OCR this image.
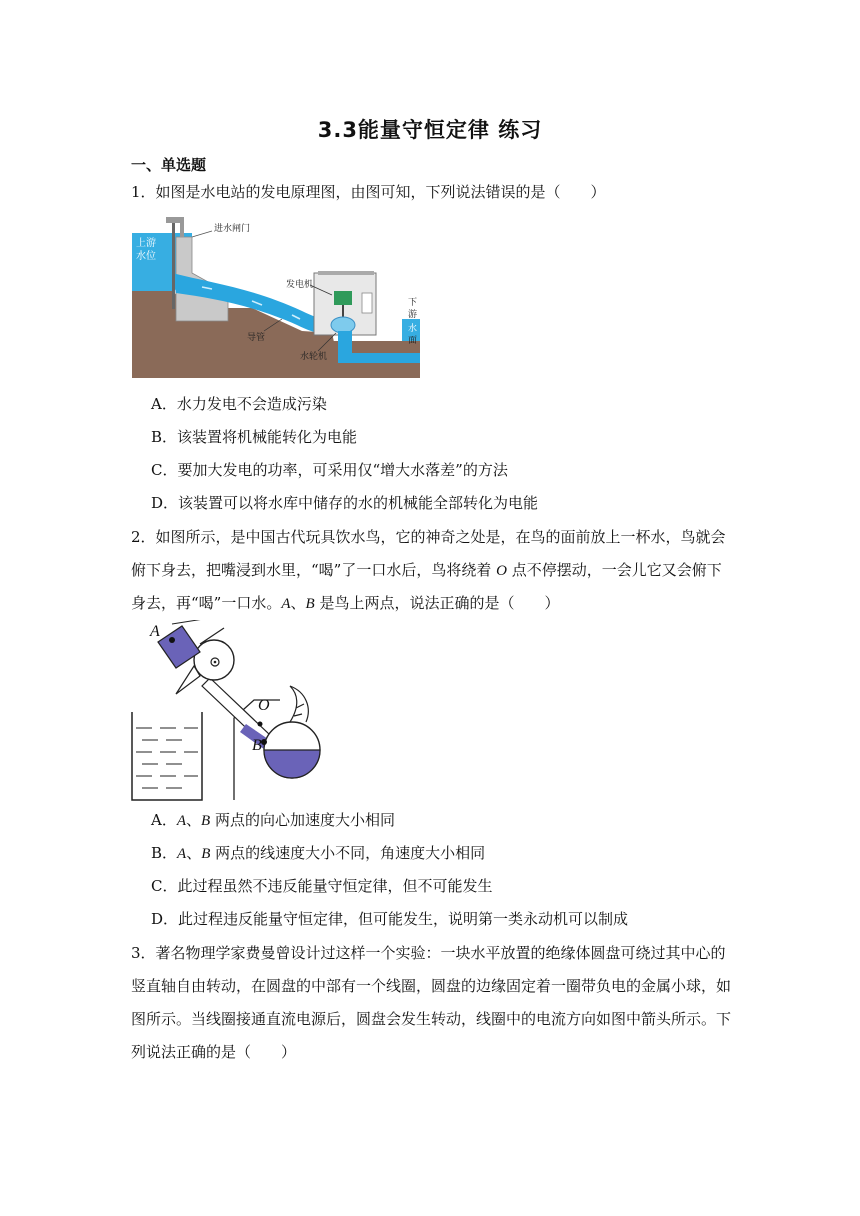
3.3能量守恒定律 练习
一、单选题
1．如图是水电站的发电原理图，由图可知，下列说法错误的是（　　）
上游
水位
进水闸门
发电机
导管
水轮机
下
游
水
面
A．水力发电不会造成污染
B．该装置将机械能转化为电能
C．要加大发电的功率，可采用仅“增大水落差”的方法
D．该装置可以将水库中储存的水的机械能全部转化为电能
2．如图所示，是中国古代玩具饮水鸟，它的神奇之处是，在鸟的面前放上一杯水，鸟就会
俯下身去，把嘴浸到水里，“喝”了一口水后，鸟将绕着 O 点不停摆动，一会儿它又会俯下
身去，再“喝”一口水。A、B 是鸟上两点，说法正确的是（　　）
A
O
B
A．A、B 两点的向心加速度大小相同
B．A、B 两点的线速度大小不同，角速度大小相同
C．此过程虽然不违反能量守恒定律，但不可能发生
D．此过程违反能量守恒定律，但可能发生，说明第一类永动机可以制成
3．著名物理学家费曼曾设计过这样一个实验：一块水平放置的绝缘体圆盘可绕过其中心的
竖直轴自由转动，在圆盘的中部有一个线圈，圆盘的边缘固定着一圈带负电的金属小球，如
图所示。当线圈接通直流电源后，圆盘会发生转动，线圈中的电流方向如图中箭头所示。下
列说法正确的是（　　）
